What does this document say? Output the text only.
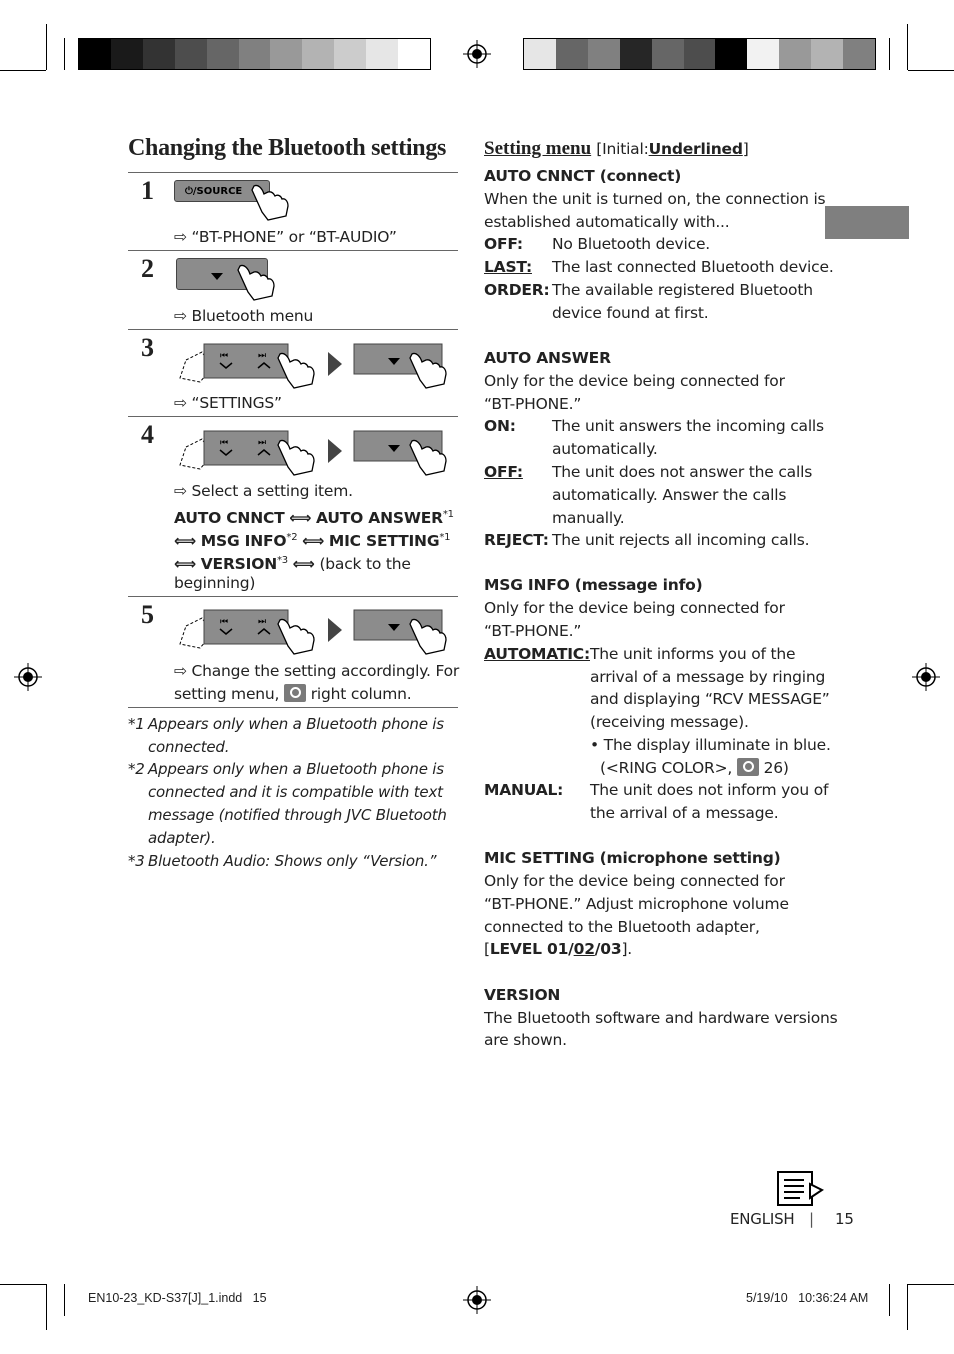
Changing the Bluetooth settings
1	⏻/SOURCE
⇨ “BT-PHONE” or “BT-AUDIO”
2
⇨ Bluetooth menu
3	⏮	⏭
⇨ “SETTINGS”
4	⏮	⏭
⇨ Select a setting item.
AUTO CNNCT ⟺ AUTO ANSWER$^{*1}$
⟺ MSG INFO$^{*2}$ ⟺ MIC SETTING$^{*1}$
⟺ VERSION$^{*3}$ ⟺ (back to the
beginning)
5	⏮	⏭
⇨ Change the setting accordingly. For
setting menu, right column.
*1 Appears only when a Bluetooth phone is
connected.
*2 Appears only when a Bluetooth phone is
connected and it is compatible with text
message (notified through JVC Bluetooth
adapter).
*3 Bluetooth Audio: Shows only “Version.”
Setting menu [Initial:Underlined]
AUTO CNNCT (connect)
When the unit is turned on, the connection is
established automatically with...
OFF: No Bluetooth device.
LAST: The last connected Bluetooth device.
ORDER: The available registered Bluetooth
device found at first.
AUTO ANSWER
Only for the device being connected for
“BT-PHONE.”
ON: The unit answers the incoming calls
automatically.
OFF: The unit does not answer the calls
automatically. Answer the calls
manually.
REJECT: The unit rejects all incoming calls.
MSG INFO (message info)
Only for the device being connected for
“BT-PHONE.”
AUTOMATIC: The unit informs you of the
arrival of a message by ringing
and displaying “RCV MESSAGE”
(receiving message).
• The display illuminate in blue.
(<RING COLOR>, 26)
MANUAL: The unit does not inform you of
the arrival of a message.
MIC SETTING (microphone setting)
Only for the device being connected for
“BT-PHONE.” Adjust microphone volume
connected to the Bluetooth adapter,
[LEVEL 01/02/03].
VERSION
The Bluetooth software and hardware versions
are shown.
ENGLISH | 15
EN10-23_KD-S37[J]_1.indd   15	5/19/10   10:36:24 AM
